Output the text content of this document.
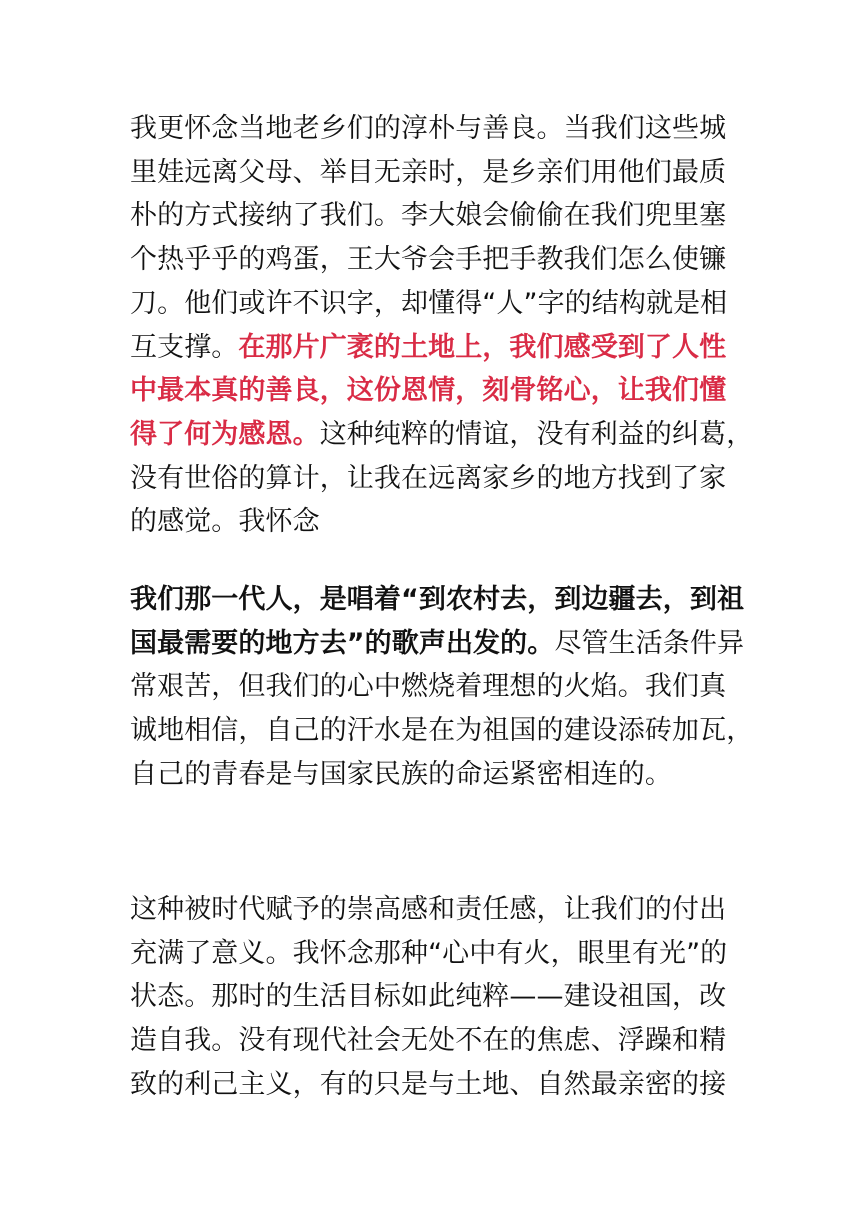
我更怀念当地老乡们的淳朴与善良。当我们这些城
里娃远离父母、举目无亲时，是乡亲们用他们最质
朴的方式接纳了我们。李大娘会偷偷在我们兜里塞
个热乎乎的鸡蛋，王大爷会手把手教我们怎么使镰
刀。他们或许不识字，却懂得“人”字的结构就是相
互支撑。在那片广袤的土地上，我们感受到了人性
中最本真的善良，这份恩情，刻骨铭心，让我们懂
得了何为感恩。这种纯粹的情谊，没有利益的纠葛，
没有世俗的算计，让我在远离家乡的地方找到了家
的感觉。我怀念
我们那一代人，是唱着“到农村去，到边疆去，到祖
国最需要的地方去”的歌声出发的。尽管生活条件异
常艰苦，但我们的心中燃烧着理想的火焰。我们真
诚地相信，自己的汗水是在为祖国的建设添砖加瓦，
自己的青春是与国家民族的命运紧密相连的。
这种被时代赋予的崇高感和责任感，让我们的付出
充满了意义。我怀念那种“心中有火，眼里有光”的
状态。那时的生活目标如此纯粹——建设祖国，改
造自我。没有现代社会无处不在的焦虑、浮躁和精
致的利己主义，有的只是与土地、自然最亲密的接
